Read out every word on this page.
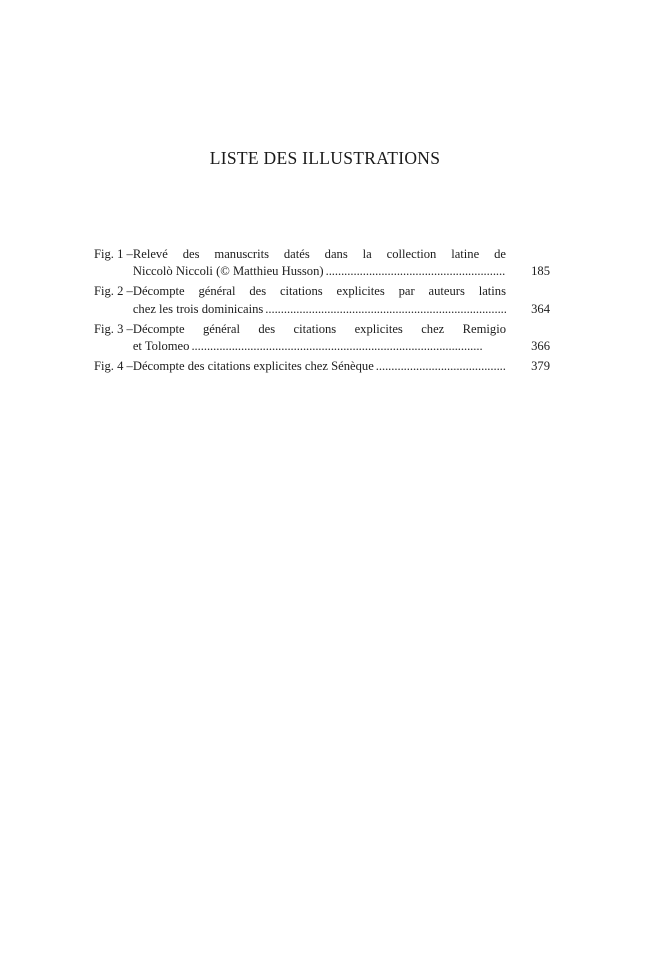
LISTE DES ILLUSTRATIONS
Fig. 1 – Relevé des manuscrits datés dans la collection latine de
Niccolò Niccoli (© Matthieu Husson) . . .	185
Fig. 2 – Décompte général des citations explicites par auteurs latins
chez les trois dominicains . . .	364
Fig. 3 – Décompte général des citations explicites chez Remigio
et Tolomeo . . .	366
Fig. 4 – Décompte des citations explicites chez Sénèque . . .	379
